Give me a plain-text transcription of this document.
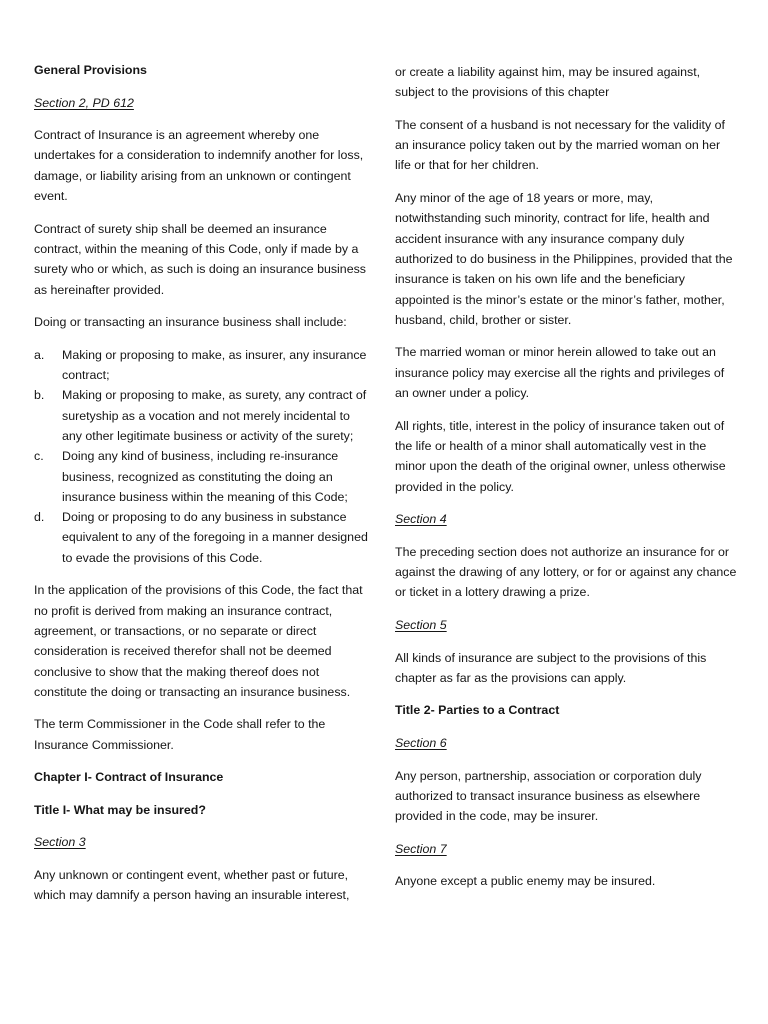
General Provisions

Section 2, PD 612

Contract of Insurance is an agreement whereby one undertakes for a consideration to indemnify another for loss, damage, or liability arising from an unknown or contingent event.

Contract of surety ship shall be deemed an insurance contract, within the meaning of this Code, only if made by a surety who or which, as such is doing an insurance business as hereinafter provided.

Doing or transacting an insurance business shall include:

a. Making or proposing to make, as insurer, any insurance contract;
b. Making or proposing to make, as surety, any contract of suretyship as a vocation and not merely incidental to any other legitimate business or activity of the surety;
c. Doing any kind of business, including re-insurance business, recognized as constituting the doing an insurance business within the meaning of this Code;
d. Doing or proposing to do any business in substance equivalent to any of the foregoing in a manner designed to evade the provisions of this Code.

In the application of the provisions of this Code, the fact that no profit is derived from making an insurance contract, agreement, or transactions, or no separate or direct consideration is received therefor shall not be deemed conclusive to show that the making thereof does not constitute the doing or transacting an insurance business.

The term Commissioner in the Code shall refer to the Insurance Commissioner.

Chapter I- Contract of Insurance

Title I- What may be insured?

Section 3

Any unknown or contingent event, whether past or future, which may damnify a person having an insurable interest,

or create a liability against him, may be insured against, subject to the provisions of this chapter

The consent of a husband is not necessary for the validity of an insurance policy taken out by the married woman on her life or that for her children.

Any minor of the age of 18 years or more, may, notwithstanding such minority, contract for life, health and accident insurance with any insurance company duly authorized to do business in the Philippines, provided that the insurance is taken on his own life and the beneficiary appointed is the minor’s estate or the minor’s father, mother, husband, child, brother or sister.

The married woman or minor herein allowed to take out an insurance policy may exercise all the rights and privileges of an owner under a policy.

All rights, title, interest in the policy of insurance taken out of the life or health of a minor shall automatically vest in the minor upon the death of the original owner, unless otherwise provided in the policy.

Section 4

The preceding section does not authorize an insurance for or against the drawing of any lottery, or for or against any chance or ticket in a lottery drawing a prize.

Section 5

All kinds of insurance are subject to the provisions of this chapter as far as the provisions can apply.

Title 2- Parties to a Contract

Section 6

Any person, partnership, association or corporation duly authorized to transact insurance business as elsewhere provided in the code, may be insurer.

Section 7

Anyone except a public enemy may be insured.
